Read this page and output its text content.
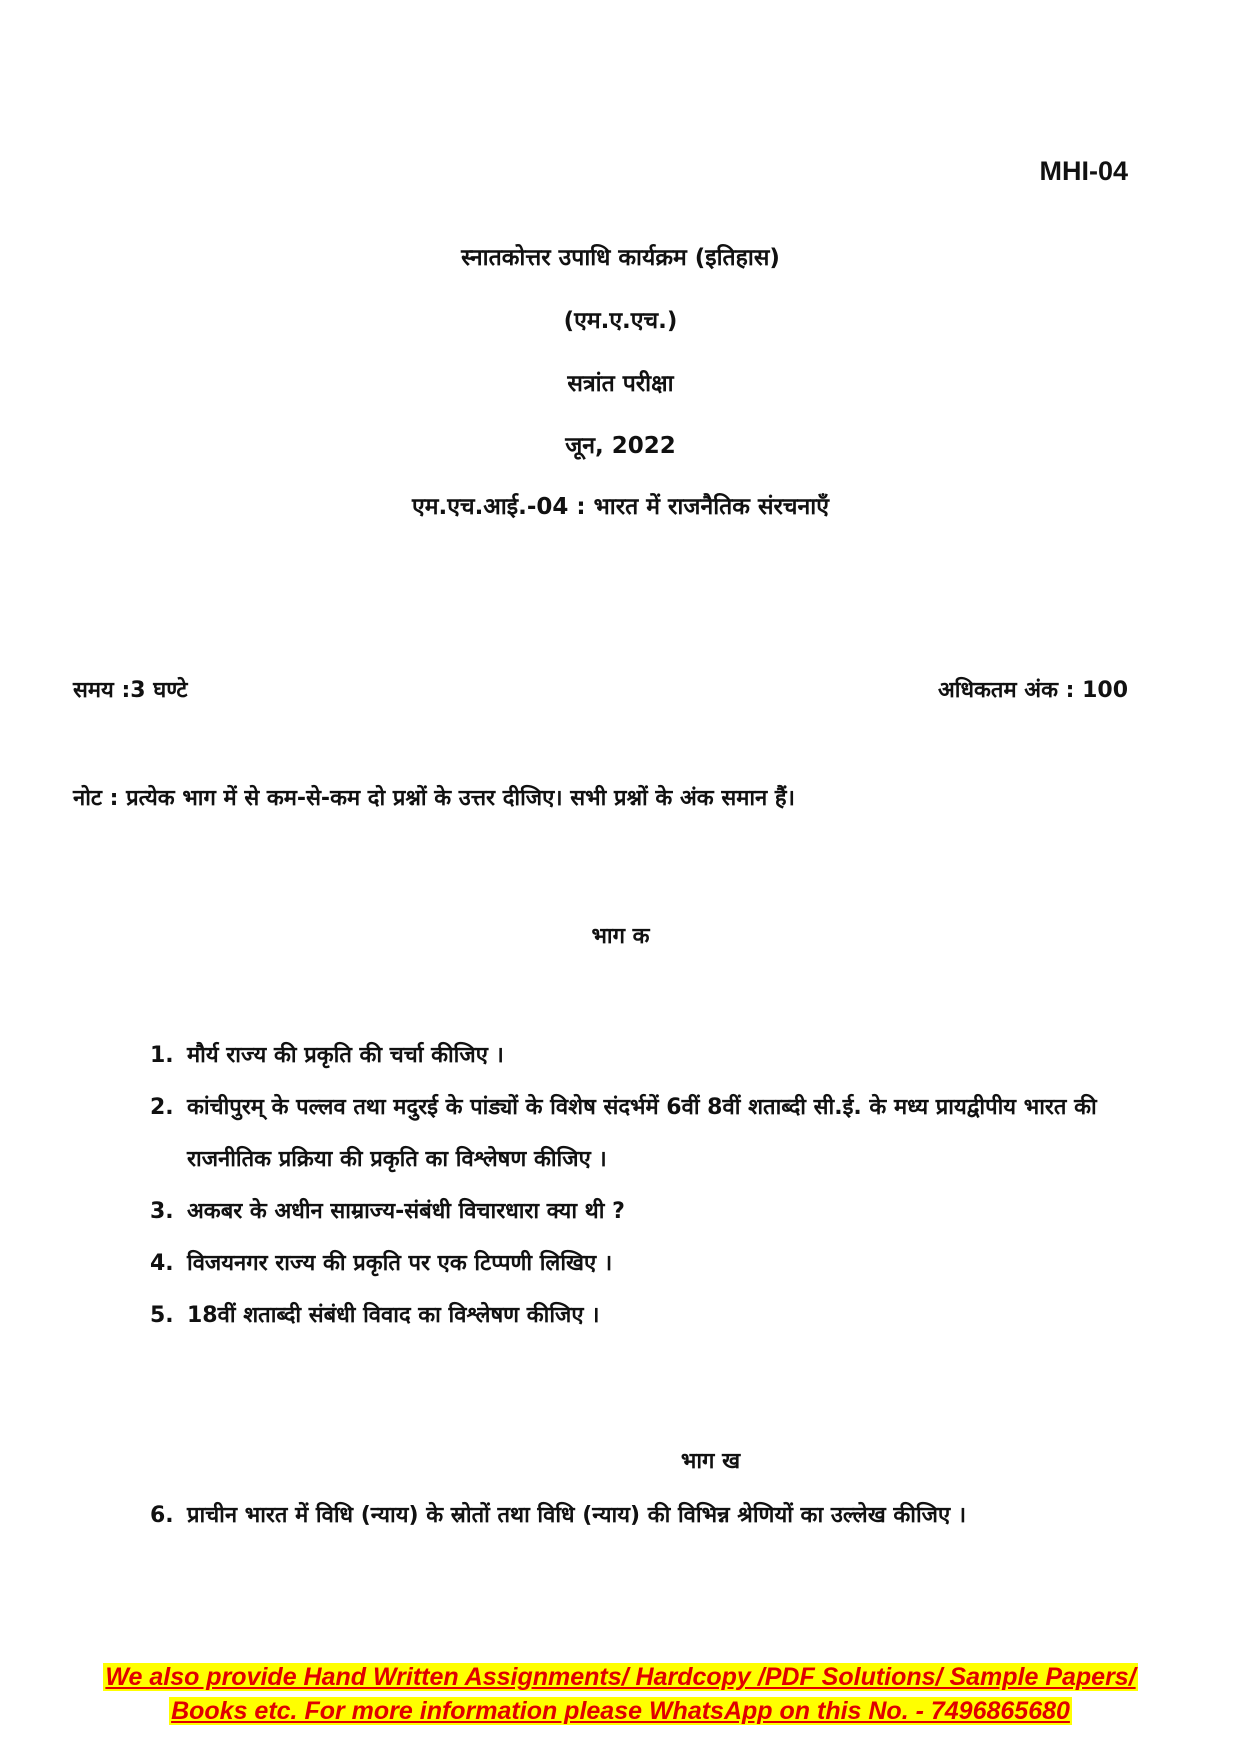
MHI-04
स्नातकोत्तर उपाधि कार्यक्रम (इतिहास)
(एम.ए.एच.)
सत्रांत परीक्षा
जून, 2022
एम.एच.आई.-04 : भारत में राजनैतिक संरचनाएँ
समय :3 घण्टे	अधिकतम अंक : 100
नोट : प्रत्येक भाग में से कम-से-कम दो प्रश्नों के उत्तर दीजिए। सभी प्रश्नों के अंक समान हैं।
भाग क
1. मौर्य राज्य की प्रकृति की चर्चा कीजिए ।
2. कांचीपुरम् के पल्लव तथा मदुरई के पांड्यों के विशेष संदर्भमें 6वीं 8वीं शताब्दी सी.ई. के मध्य प्रायद्वीपीय भारत की राजनीतिक प्रक्रिया की प्रकृति का विश्लेषण कीजिए ।
3. अकबर के अधीन साम्राज्य-संबंधी विचारधारा क्या थी ?
4. विजयनगर राज्य की प्रकृति पर एक टिप्पणी लिखिए ।
5. 18वीं शताब्दी संबंधी विवाद का विश्लेषण कीजिए ।
भाग ख
6. प्राचीन भारत में विधि (न्याय) के स्रोतों तथा विधि (न्याय) की विभिन्न श्रेणियों का उल्लेख कीजिए ।
We also provide Hand Written Assignments/ Hardcopy /PDF Solutions/ Sample Papers/
Books etc. For more information please WhatsApp on this No. - 7496865680
